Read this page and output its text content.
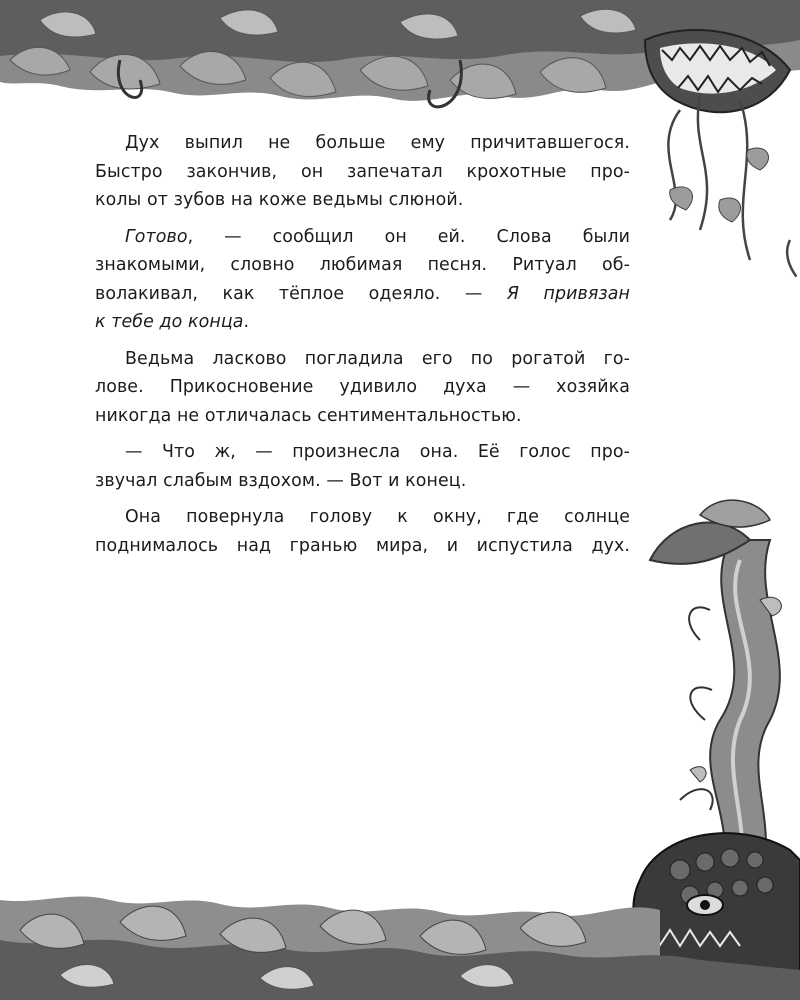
Дух выпил не больше ему причитавшегося.
Быстро закончив, он запечатал крохотные про-
колы от зубов на коже ведьмы слюной.
Готово, — сообщил он ей. Слова были
знакомыми, словно любимая песня. Ритуал об-
волакивал, как тёплое одеяло. — Я привязан
к тебе до конца.
Ведьма ласково погладила его по рогатой го-
лове. Прикосновение удивило духа — хозяйка
никогда не отличалась сентиментальностью.
— Что ж, — произнесла она. Её голос про-
звучал слабым вздохом. — Вот и конец.
Она повернула голову к окну, где солнце
поднималось над гранью мира, и испустила дух.
